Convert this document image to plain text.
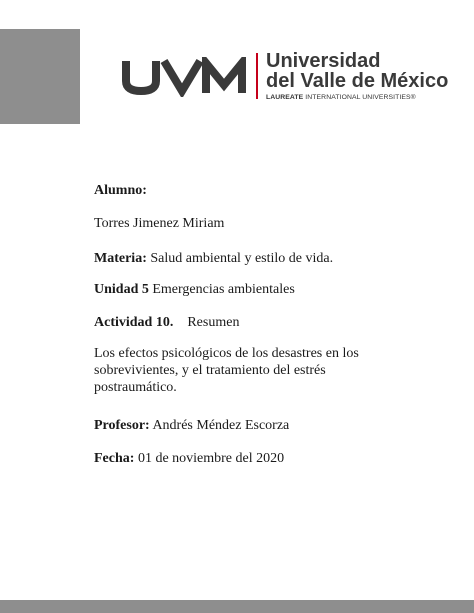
Universidad
del Valle de México
LAUREATE INTERNATIONAL UNIVERSITIES®
Alumno:
Torres Jimenez Miriam
Materia: Salud ambiental y estilo de vida.
Unidad 5 Emergencias ambientales
Actividad 10. Resumen
Los efectos psicológicos de los desastres en los sobrevivientes, y el tratamiento del estrés postraumático.
Profesor: Andrés Méndez Escorza
Fecha: 01 de noviembre del 2020
